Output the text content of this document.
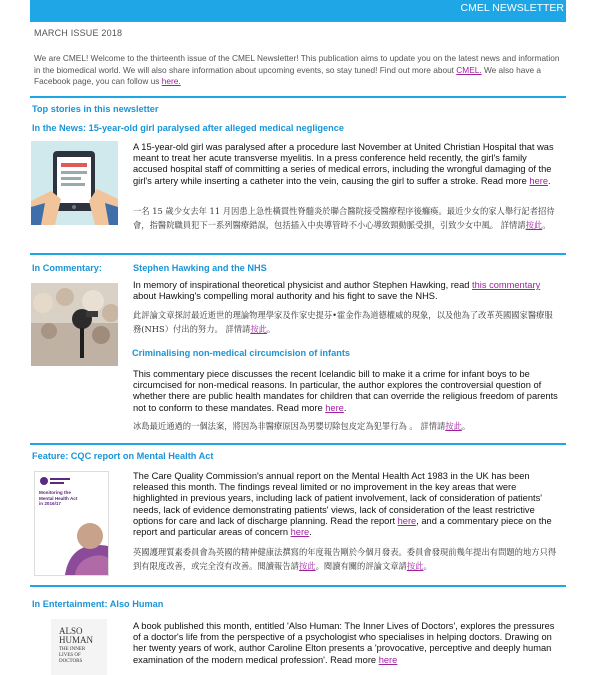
CMEL NEWSLETTER
MARCH ISSUE 2018
We are CMEL! Welcome to the thirteenth issue of the CMEL Newsletter! This publication aims to update you on the latest news and information in the biomedical world. We will also share information about upcoming events, so stay tuned! Find out more about CMEL. We also have a Facebook page, you can follow us here.
Top stories in this newsletter
In the News: 15-year-old girl paralysed after alleged medical negligence
A 15-year-old girl was paralysed after a procedure last November at United Christian Hospital that was meant to treat her acute transverse myelitis. In a press conference held recently, the girl's family accused hospital staff of committing a series of medical errors, including the wrongful damaging of the girl's artery while inserting a catheter into the vein, causing the girl to suffer a stroke. Read more here.
一名 15 歲少女去年 11 月因患上急性橫貫性脊髓炎於聯合醫院接受醫療程序後癱瘓。最近少女的家人舉行記者招待會，指醫院職員犯下一系列醫療錯誤，包括插入中央導管時不小心導致頸動脈受損，引致少女中風。 詳情請按此。
In Commentary:	Stephen Hawking and the NHS
In memory of inspirational theoretical physicist and author Stephen Hawking, read this commentary about Hawking's compelling moral authority and his fight to save the NHS.
此評論文章探討最近逝世的理論物理學家及作家史提芬•霍金作為道德權威的現象，以及他為了改革英國國家醫療服務(NHS）付出的努力。 詳情請按此。
Criminalising non-medical circumcision of infants
This commentary piece discusses the recent Icelandic bill to make it a crime for infant boys to be circumcised for non-medical reasons. In particular, the author explores the controversial question of whether there are public health mandates for children that can override the religious freedom of parents not to conform to these mandates. Read more here.
冰島最近通過的一個法案，將因為非醫療原因為男嬰切除包皮定為犯罪行為 。 詳情請按此。
Feature: CQC report on Mental Health Act
Monitoring the Mental Health Act in 2016/17
The Care Quality Commission's annual report on the Mental Health Act 1983 in the UK has been released this month. The findings reveal limited or no improvement in the key areas that were highlighted in previous years, including lack of patient involvement, lack of consideration of patients' needs, lack of evidence demonstrating patients' views, lack of consideration of the least restrictive options for care and lack of discharge planning. Read the report here, and a commentary piece on the report and particular areas of concern here.
英國護理質素委員會為英國的精神健康法撰寫的年度報告剛於今個月發表。委員會發現前幾年提出有問題的地方只得到有限度改善，或完全沒有改善。閱讀報告請按此。閱讀有關的評論文章請按此。
In Entertainment: Also Human
ALSO
HUMAN
THE INNER
LIVES OF
DOCTORS
A book published this month, entitled 'Also Human: The Inner Lives of Doctors', explores the pressures of a doctor's life from the perspective of a psychologist who specialises in helping doctors. Drawing on her twenty years of work, author Caroline Elton presents a 'provocative, perceptive and deeply human examination of the modern medical profession'. Read more here
